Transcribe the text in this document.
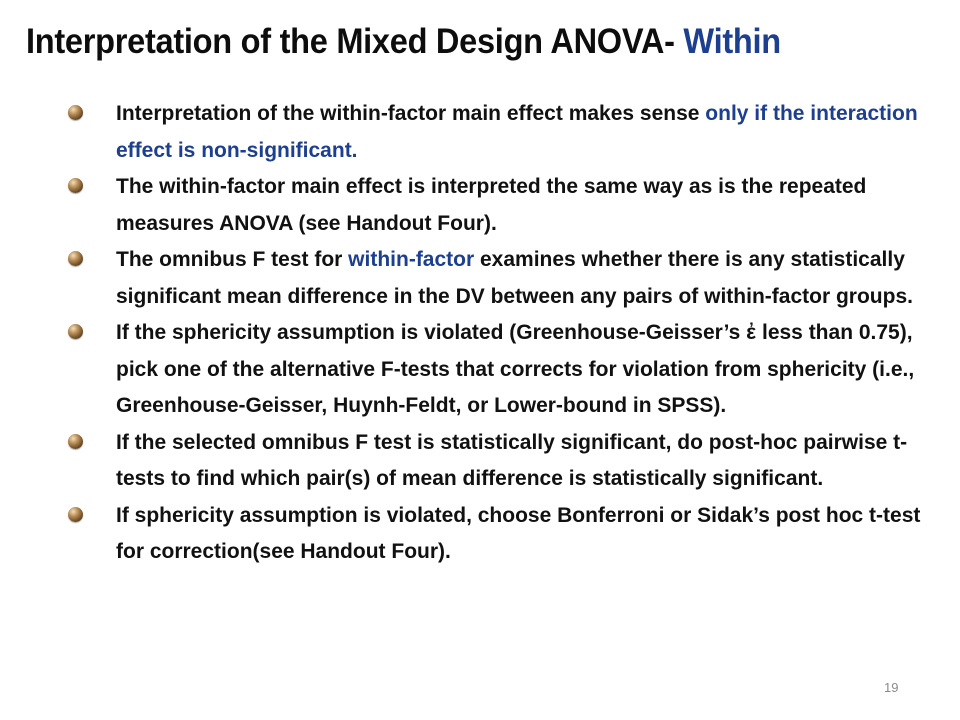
Interpretation of the Mixed Design ANOVA- Within
Interpretation of the within-factor main effect makes sense only if the interaction effect is non-significant.
The within-factor main effect is interpreted the same way as is the repeated measures ANOVA (see Handout Four).
The omnibus F test for within-factor examines whether there is any statistically significant mean difference in the DV between any pairs of within-factor groups.
If the sphericity assumption is violated (Greenhouse-Geisser’s ἐ less than 0.75), pick one of the alternative F-tests that corrects for violation from sphericity (i.e., Greenhouse-Geisser, Huynh-Feldt, or Lower-bound in SPSS).
If the selected omnibus F test is statistically significant, do post-hoc pairwise t-tests to find which pair(s) of mean difference is statistically significant.
If sphericity assumption is violated, choose Bonferroni or Sidak’s post hoc t-test for correction(see Handout Four).
19
